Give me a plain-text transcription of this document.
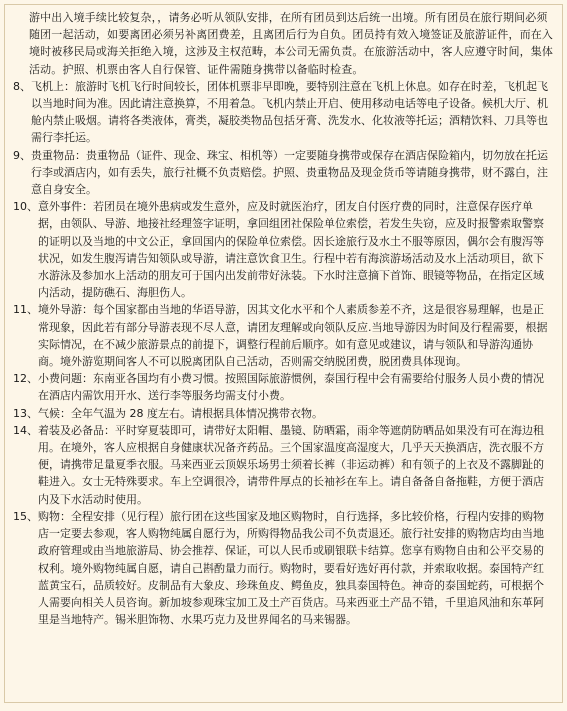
游中出入境手续比较复杂，，请务必听从领队安排，在所有团员到达后统一出境。所有团员在旅行期间必须随团一起活动，如要离团必须另补离团费差，且离团后行为自负。团员持有效入境签证及旅游证件，而在入境时被移民局或海关拒绝入境，这涉及主权范畴，本公司无需负责。在旅游活动中，客人应遵守时间，集体活动。护照、机票由客人自行保管、证件需随身携带以备临时检查。

8、 飞机上：旅游时飞机飞行时间较长，团体机票非早即晚，要特别注意在飞机上休息。如存在时差，飞机起飞以当地时间为准。因此请注意换算，不用着急。飞机内禁止开启、使用移动电话等电子设备。候机大厅、机舱内禁止吸烟。请将各类液体，膏类，凝胶类物品包括牙膏、洗发水、化妆液等托运；酒精饮料、刀具等也需行李托运。
9、 贵重物品：贵重物品（证件、现金、珠宝、相机等）一定要随身携带或保存在酒店保险箱内，切勿放在托运行李或酒店内，如有丢失，旅行社概不负责赔偿。护照、贵重物品及现金货币等请随身携带，财不露白，注意自身安全。
10、 意外事件：若团员在境外患病或发生意外，应及时就医治疗，团友自付医疗费的同时，注意保存医疗单据，由领队、导游、地接社经理签字证明，拿回组团社保险单位索偿，若发生失窃，应及时报警索取警察的证明以及当地的中文公正，拿回国内的保险单位索偿。因长途旅行及水土不服等原因，偶尔会有腹泻等状况，如发生腹泻请告知领队或导游，请注意饮食卫生。行程中若有海滨游场活动及水上活动项目，欲下水游泳及参加水上活动的朋友可于国内出发前带好泳装。下水时注意摘下首饰、眼镜等物品，在指定区域内活动，提防礁石、海胆伤人。
11、 境外导游：每个国家都由当地的华语导游，因其文化水平和个人素质参差不齐，这是很容易理解，也是正常现象，因此若有部分导游表现不尽人意，请团友理解或向领队反应.当地导游因为时间及行程需要，根据实际情况，在不减少旅游景点的前提下，调整行程前后顺序。如有意见或建议，请与领队和导游沟通协商。境外游览期间客人不可以脱离团队自己活动，否则需交纳脱团费，脱团费具体现询。
12、 小费问题：东南亚各国均有小费习惯。按照国际旅游惯例，泰国行程中会有需要给付服务人员小费的情况在酒店内需饮用开水、送行李等服务均需支付小费。
13、 气候：全年气温为 28 度左右。请根据具体情况携带衣物。
14、 着装及必备品：平时穿夏装即可，请带好太阳帽、墨镜、防晒霜，雨伞等遮荫防晒品如果没有可在海边租用。在境外，客人应根据自身健康状况备齐药品。三个国家温度高湿度大，几乎天天换酒店，洗衣服不方便，请携带足量夏季衣服。马来西亚云顶娱乐场男士须着长裤（非运动裤）和有领子的上衣及不露脚趾的鞋进入。女士无特殊要求。车上空调很冷，请带件厚点的长袖衫在车上。请自备备自备拖鞋，方便于酒店内及下水活动时使用。
15、 购物：全程安排（见行程）旅行团在这些国家及地区购物时，自行选择，多比较价格，行程内安排的购物店一定要去参观，客人购物纯属自愿行为，所购得物品我公司不负责退还。旅行社安排的购物店均由当地政府管理或由当地旅游局、协会推荐、保证，可以人民币或刷银联卡结算。您享有购物自由和公平交易的权利。境外购物纯属自愿，请自己斟酌量力而行。购物时，要看好选好再付款，并索取收据。泰国特产红蓝黄宝石，品质较好。皮制品有大象皮、珍珠鱼皮、鳄鱼皮，独具泰国特色。神奇的泰国蛇药，可根据个人需要向相关人员咨询。新加坡参观珠宝加工及土产百货店。马来西亚土产品不错，千里追风油和东革阿里是当地特产。锡米胆饰物、水果巧克力及世界闻名的马来锡器。
